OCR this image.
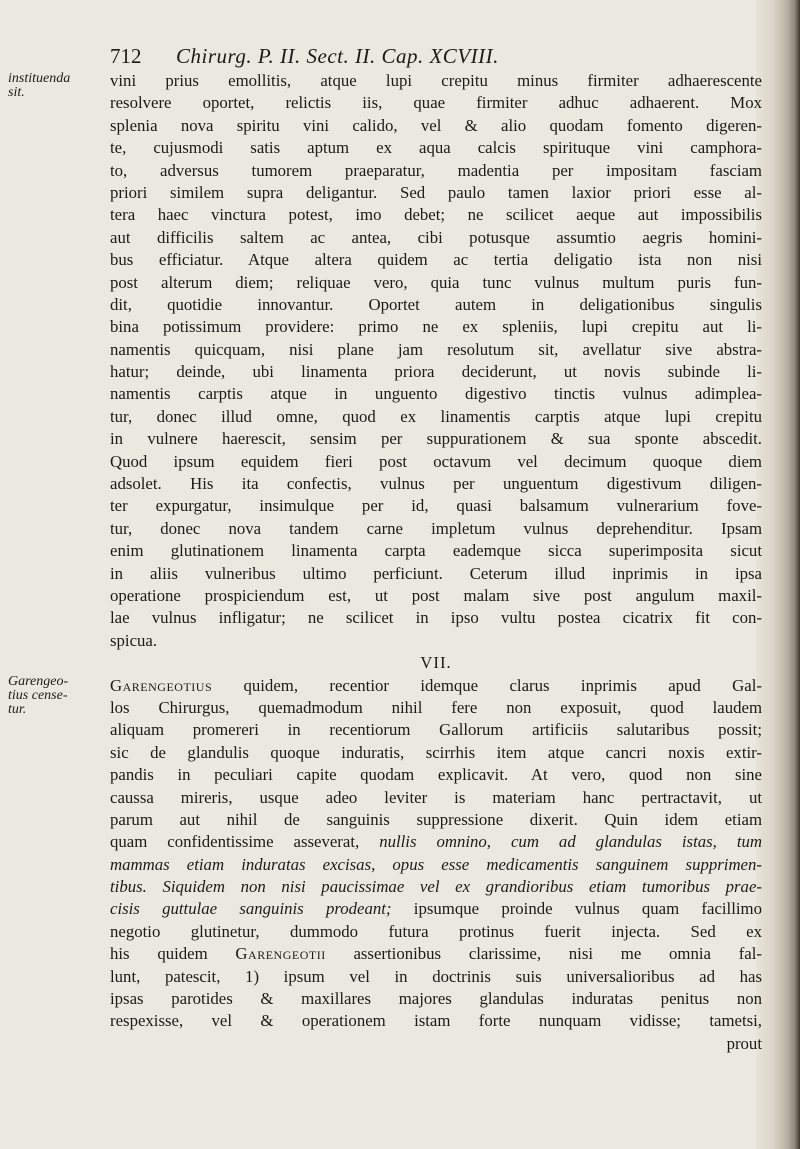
712 Chirurg. P. II. Sect. II. Cap. XCVIII.
instituenda
sit.
Garengeo-
tius cense-
tur.
vini prius emollitis, atque lupi crepitu minus firmiter adhaerescente
resolvere oportet, relictis iis, quae firmiter adhuc adhaerent. Mox
splenia nova spiritu vini calido, vel & alio quodam fomento digeren-
te, cujusmodi satis aptum ex aqua calcis spirituque vini camphora-
to, adversus tumorem praeparatur, madentia per impositam fasciam
priori similem supra deligantur. Sed paulo tamen laxior priori esse al-
tera haec vinctura potest, imo debet; ne scilicet aeque aut impossibilis
aut difficilis saltem ac antea, cibi potusque assumtio aegris homini-
bus efficiatur. Atque altera quidem ac tertia deligatio ista non nisi
post alterum diem; reliquae vero, quia tunc vulnus multum puris fun-
dit, quotidie innovantur. Oportet autem in deligationibus singulis
bina potissimum providere: primo ne ex spleniis, lupi crepitu aut li-
namentis quicquam, nisi plane jam resolutum sit, avellatur sive abstra-
hatur; deinde, ubi linamenta priora deciderunt, ut novis subinde li-
namentis carptis atque in unguento digestivo tinctis vulnus adimplea-
tur, donec illud omne, quod ex linamentis carptis atque lupi crepitu
in vulnere haerescit, sensim per suppurationem & sua sponte abscedit.
Quod ipsum equidem fieri post octavum vel decimum quoque diem
adsolet. His ita confectis, vulnus per unguentum digestivum diligen-
ter expurgatur, insimulque per id, quasi balsamum vulnerarium fove-
tur, donec nova tandem carne impletum vulnus deprehenditur. Ipsam
enim glutinationem linamenta carpta eademque sicca superimposita sicut
in aliis vulneribus ultimo perficiunt. Ceterum illud inprimis in ipsa
operatione prospiciendum est, ut post malam sive post angulum maxil-
lae vulnus infligatur; ne scilicet in ipso vultu postea cicatrix fit con-
spicua.
VII.
Garengeotius quidem, recentior idemque clarus inprimis apud Gal-
los Chirurgus, quemadmodum nihil fere non exposuit, quod laudem
aliquam promereri in recentiorum Gallorum artificiis salutaribus possit;
sic de glandulis quoque induratis, scirrhis item atque cancri noxis extir-
pandis in peculiari capite quodam explicavit. At vero, quod non sine
caussa mireris, usque adeo leviter is materiam hanc pertractavit, ut
parum aut nihil de sanguinis suppressione dixerit. Quin idem etiam
quam confidentissime asseverat, nullis omnino, cum ad glandulas istas, tum
mammas etiam induratas excisas, opus esse medicamentis sanguinem supprimen-
tibus. Siquidem non nisi paucissimae vel ex grandioribus etiam tumoribus prae-
cisis guttulae sanguinis prodeant; ipsumque proinde vulnus quam facillimo
negotio glutinetur, dummodo futura protinus fuerit injecta. Sed ex
his quidem Garengeotii assertionibus clarissime, nisi me omnia fal-
lunt, patescit, 1) ipsum vel in doctrinis suis universalioribus ad has
ipsas parotides & maxillares majores glandulas induratas penitus non
respexisse, vel & operationem istam forte nunquam vidisse; tametsi,
prout
